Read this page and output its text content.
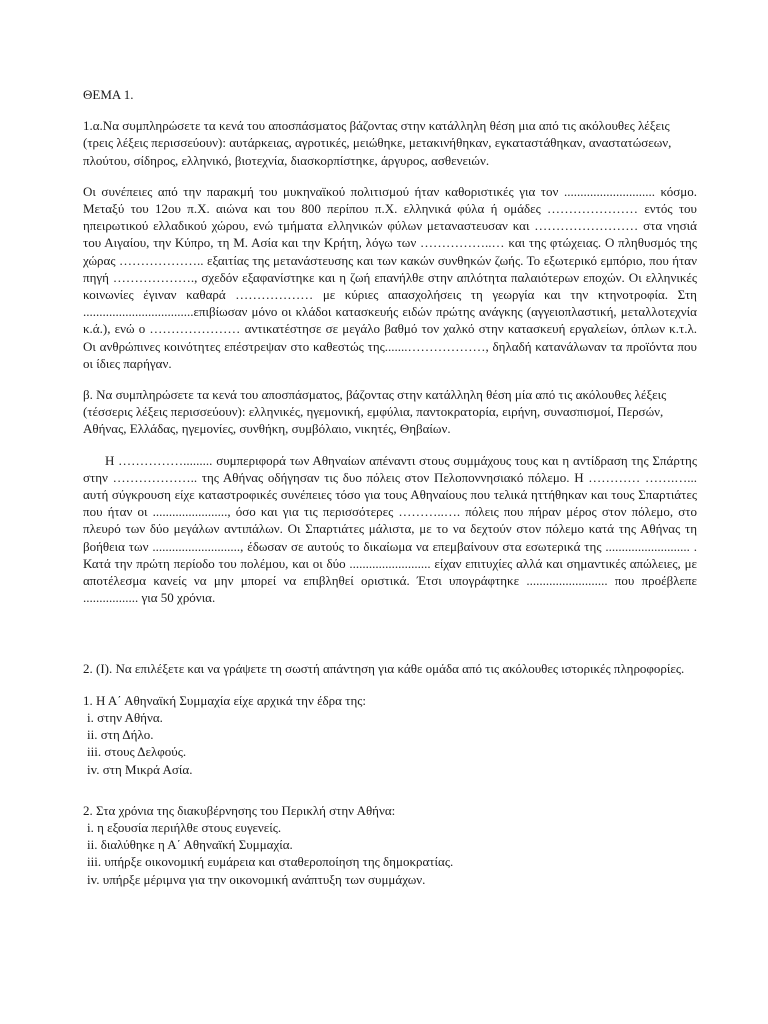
ΘΕΜΑ 1.

1.α.Να συμπληρώσετε τα κενά του αποσπάσματος βάζοντας στην κατάλληλη θέση μια από τις ακόλουθες λέξεις (τρεις λέξεις περισσεύουν): αυτάρκειας, αγροτικές, μειώθηκε, μετακινήθηκαν, εγκαταστάθηκαν, αναστατώσεων, πλούτου, σίδηρος, ελληνικό, βιοτεχνία, διασκορπίστηκε, άργυρος, ασθενειών.

Οι συνέπειες από την παρακμή του μυκηναϊκού πολιτισμού ήταν καθοριστικές για τον ............................ κόσμο. Μεταξύ του 12ου π.Χ. αιώνα και του 800 περίπου π.Χ. ελληνικά φύλα ή ομάδες ………………… εντός του ηπειρωτικού ελλαδικού χώρου, ενώ τμήματα ελληνικών φύλων μεταναστευσαν και …………………… στα νησιά του Αιγαίου, την Κύπρο, τη Μ. Ασία και την Κρήτη, λόγω των ……………..… και της φτώχειας. Ο πληθυσμός της χώρας ……………….. εξαιτίας της μετανάστευσης και των κακών συνθηκών ζωής. Το εξωτερικό εμπόριο, που ήταν πηγή ………………., σχεδόν εξαφανίστηκε και η ζωή επανήλθε στην απλότητα παλαιότερων εποχών. Οι ελληνικές κοινωνίες έγιναν καθαρά ……………… με κύριες απασχολήσεις τη γεωργία και την κτηνοτροφία. Στη ..................................επιβίωσαν μόνο οι κλάδοι κατασκευής ειδών πρώτης ανάγκης (αγγειοπλαστική, μεταλλοτεχνία κ.ά.), ενώ ο ………………… αντικατέστησε σε μεγάλο βαθμό τον χαλκό στην κατασκευή εργαλείων, όπλων κ.τ.λ. Οι ανθρώπινες κοινότητες επέστρεψαν στο καθεστώς της.......………………, δηλαδή κατανάλωναν τα προϊόντα που οι ίδιες παρήγαν.

β. Να συμπληρώσετε τα κενά του αποσπάσματος, βάζοντας στην κατάλληλη θέση μία από τις ακόλουθες λέξεις (τέσσερις λέξεις περισσεύουν): ελληνικές, ηγεμονική, εμφύλια, παντοκρατορία, ειρήνη, συνασπισμοί, Περσών, Αθήνας, Ελλάδας, ηγεμονίες, συνθήκη, συμβόλαιο, νικητές, Θηβαίων.

Η ……………......... συμπεριφορά των Αθηναίων απέναντι στους συμμάχους τους και η αντίδραση της Σπάρτης στην ……………….. της Αθήνας οδήγησαν τις δυο πόλεις στον Πελοποννησιακό πόλεμο. Η ………… …….…... αυτή σύγκρουση είχε καταστροφικές συνέπειες τόσο για τους Αθηναίους που τελικά ηττήθηκαν και τους Σπαρτιάτες που ήταν οι ......................., όσο και για τις περισσότερες ………..…. πόλεις που πήραν μέρος στον πόλεμο, στο πλευρό των δύο μεγάλων αντιπάλων. Οι Σπαρτιάτες μάλιστα, με το να δεχτούν στον πόλεμο κατά της Αθήνας τη βοήθεια των ..........................., έδωσαν σε αυτούς το δικαίωμα να επεμβαίνουν στα εσωτερικά της .......................... . Κατά την πρώτη περίοδο του πολέμου, και οι δύο ......................... είχαν επιτυχίες αλλά και σημαντικές απώλειες, με αποτέλεσμα κανείς να μην μπορεί να επιβληθεί οριστικά. Έτσι υπογράφτηκε ......................... που προέβλεπε ................. για 50 χρόνια.

2. (Ι). Να επιλέξετε και να γράψετε τη σωστή απάντηση για κάθε ομάδα από τις ακόλουθες ιστορικές πληροφορίες.

1. Η Α΄ Αθηναϊκή Συμμαχία είχε αρχικά την έδρα της:

i. στην Αθήνα.

ii. στη Δήλο.

iii. στους Δελφούς.

iv. στη Μικρά Ασία.

2. Στα χρόνια της διακυβέρνησης του Περικλή στην Αθήνα:

i. η εξουσία περιήλθε στους ευγενείς.

ii. διαλύθηκε η Α΄ Αθηναϊκή Συμμαχία.

iii. υπήρξε οικονομική ευμάρεια και σταθεροποίηση της δημοκρατίας.

iv. υπήρξε μέριμνα για την οικονομική ανάπτυξη των συμμάχων.
